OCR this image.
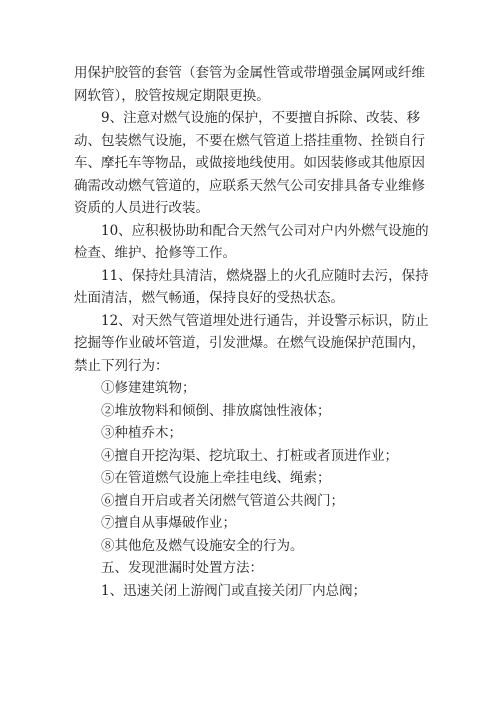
用保护胶管的套管（套管为金属性管或带增强金属网或纤维网软管），胶管按规定期限更换。

9、注意对燃气设施的保护，不要擅自拆除、改装、移动、包装燃气设施，不要在燃气管道上搭挂重物、拴锁自行车、摩托车等物品，或做接地线使用。如因装修或其他原因确需改动燃气管道的，应联系天然气公司安排具备专业维修资质的人员进行改装。

10、应积极协助和配合天然气公司对户内外燃气设施的检查、维护、抢修等工作。

11、保持灶具清洁，燃烧器上的火孔应随时去污，保持灶面清洁，燃气畅通，保持良好的受热状态。

12、对天然气管道埋处进行通告，并设警示标识，防止挖掘等作业破坏管道，引发泄爆。在燃气设施保护范围内，禁止下列行为：

①修建建筑物；

②堆放物料和倾倒、排放腐蚀性液体；

③种植乔木；

④擅自开挖沟渠、挖坑取土、打桩或者顶进作业；

⑤在管道燃气设施上牵挂电线、绳索；

⑥擅自开启或者关闭燃气管道公共阀门；

⑦擅自从事爆破作业；

⑧其他危及燃气设施安全的行为。

五、发现泄漏时处置方法：

1、迅速关闭上游阀门或直接关闭厂内总阀；
